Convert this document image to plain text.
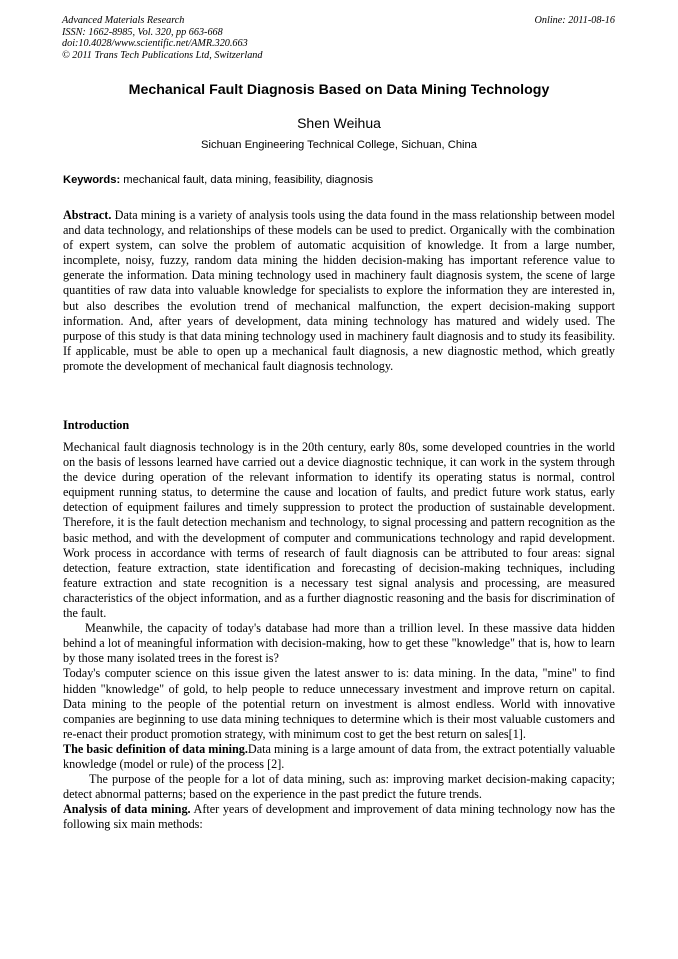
Advanced Materials Research
ISSN: 1662-8985, Vol. 320, pp 663-668
doi:10.4028/www.scientific.net/AMR.320.663
© 2011 Trans Tech Publications Ltd, Switzerland
Online: 2011-08-16
Mechanical Fault Diagnosis Based on Data Mining Technology
Shen Weihua
Sichuan Engineering Technical College, Sichuan, China
Keywords: mechanical fault, data mining, feasibility, diagnosis

Abstract. Data mining is a variety of analysis tools using the data found in the mass relationship between model and data technology, and relationships of these models can be used to predict. Organically with the combination of expert system, can solve the problem of automatic acquisition of knowledge. It from a large number, incomplete, noisy, fuzzy, random data mining the hidden decision-making has important reference value to generate the information. Data mining technology used in machinery fault diagnosis system, the scene of large quantities of raw data into valuable knowledge for specialists to explore the information they are interested in, but also describes the evolution trend of mechanical malfunction, the expert decision-making support information. And, after years of development, data mining technology has matured and widely used. The purpose of this study is that data mining technology used in machinery fault diagnosis and to study its feasibility. If applicable, must be able to open up a mechanical fault diagnosis, a new diagnostic method, which greatly promote the development of mechanical fault diagnosis technology.

Introduction

Mechanical fault diagnosis technology is in the 20th century, early 80s, some developed countries in the world on the basis of lessons learned have carried out a device diagnostic technique, it can work in the system through the device during operation of the relevant information to identify its operating status is normal, control equipment running status, to determine the cause and location of faults, and predict future work status, early detection of equipment failures and timely suppression to protect the production of sustainable development. Therefore, it is the fault detection mechanism and technology, to signal processing and pattern recognition as the basic method, and with the development of computer and communications technology and rapid development. Work process in accordance with terms of research of fault diagnosis can be attributed to four areas: signal detection, feature extraction, state identification and forecasting of decision-making techniques, including feature extraction and state recognition is a necessary test signal analysis and processing, are measured characteristics of the object information, and as a further diagnostic reasoning and the basis for discrimination of the fault.

Meanwhile, the capacity of today's database had more than a trillion level. In these massive data hidden behind a lot of meaningful information with decision-making, how to get these "knowledge" that is, how to learn by those many isolated trees in the forest is?

Today's computer science on this issue given the latest answer to is: data mining. In the data, "mine" to find hidden "knowledge" of gold, to help people to reduce unnecessary investment and improve return on capital. Data mining to the people of the potential return on investment is almost endless. World with innovative companies are beginning to use data mining techniques to determine which is their most valuable customers and re-enact their product promotion strategy, with minimum cost to get the best return on sales[1].

The basic definition of data mining.Data mining is a large amount of data from, the extract potentially valuable knowledge (model or rule) of the process [2].

The purpose of the people for a lot of data mining, such as: improving market decision-making capacity; detect abnormal patterns; based on the experience in the past predict the future trends.

Analysis of data mining. After years of development and improvement of data mining technology now has the following six main methods:
